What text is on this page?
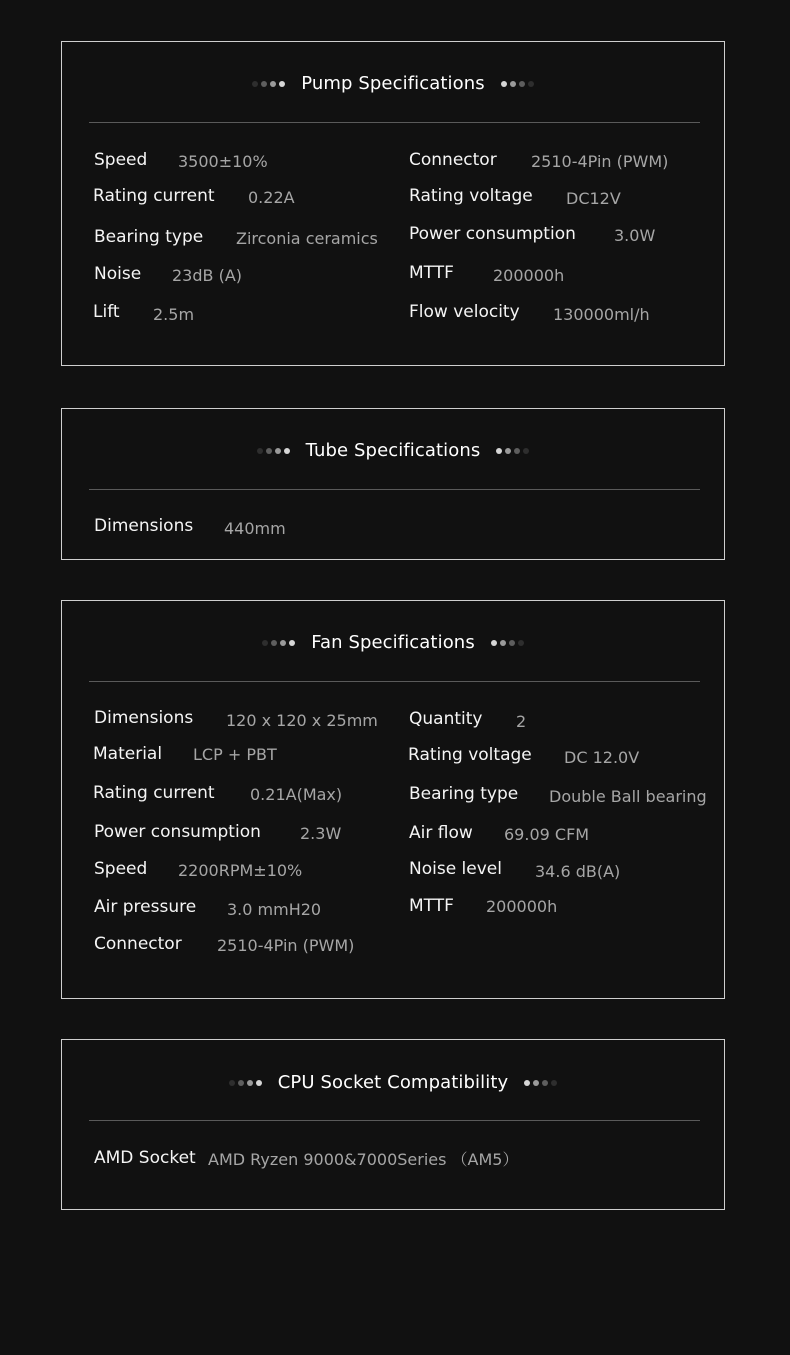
Pump Specifications
Speed 3500±10%
Rating current 0.22A
Bearing type Zirconia ceramics
Noise 23dB (A)
Lift 2.5m
Connector 2510-4Pin (PWM)
Rating voltage DC12V
Power consumption 3.0W
MTTF 200000h
Flow velocity 130000ml/h
Tube Specifications
Dimensions 440mm
Fan Specifications
Dimensions 120 x 120 x 25mm
Material LCP + PBT
Rating current 0.21A(Max)
Power consumption 2.3W
Speed 2200RPM±10%
Air pressure 3.0 mmH20
Connector 2510-4Pin (PWM)
Quantity 2
Rating voltage DC 12.0V
Bearing type Double Ball bearing
Air flow 69.09 CFM
Noise level 34.6 dB(A)
MTTF 200000h
CPU Socket Compatibility
AMD Socket AMD Ryzen 9000&7000Series （AM5）
